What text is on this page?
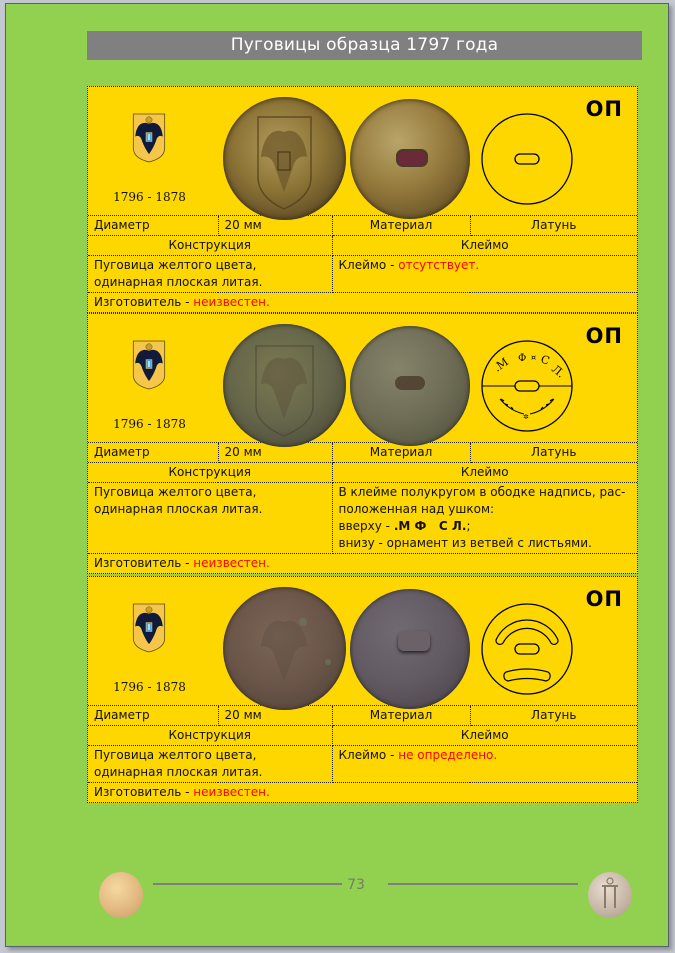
Пуговицы образца 1797 года
1796 - 1878
ОП
Диаметр	20 мм	Материал	Латунь
Конструкция		Клеймо	
Пуговица желтого цвета, одинарная плоская литая.		Клеймо - отсутствует.	
Изготовитель - неизвестен.			
1796 - 1878
.М Ф ¤ С
Л.
✲
ОП
Диаметр	20 мм	Материал	Латунь
Конструкция		Клеймо	
Пуговица желтого цвета, одинарная плоская литая.		В клейме полукругом в ободке надпись, рас-
положенная над ушком:
вверху - .М Ф   С Л.;
внизу - орнамент из ветвей с листьями.	

Изготовитель - неизвестен.			
1796 - 1878
ОП
Диаметр	20 мм	Материал	Латунь
Конструкция		Клеймо	
Пуговица желтого цвета, одинарная плоская литая.		Клеймо - не определено.	
Изготовитель - неизвестен.			
73
